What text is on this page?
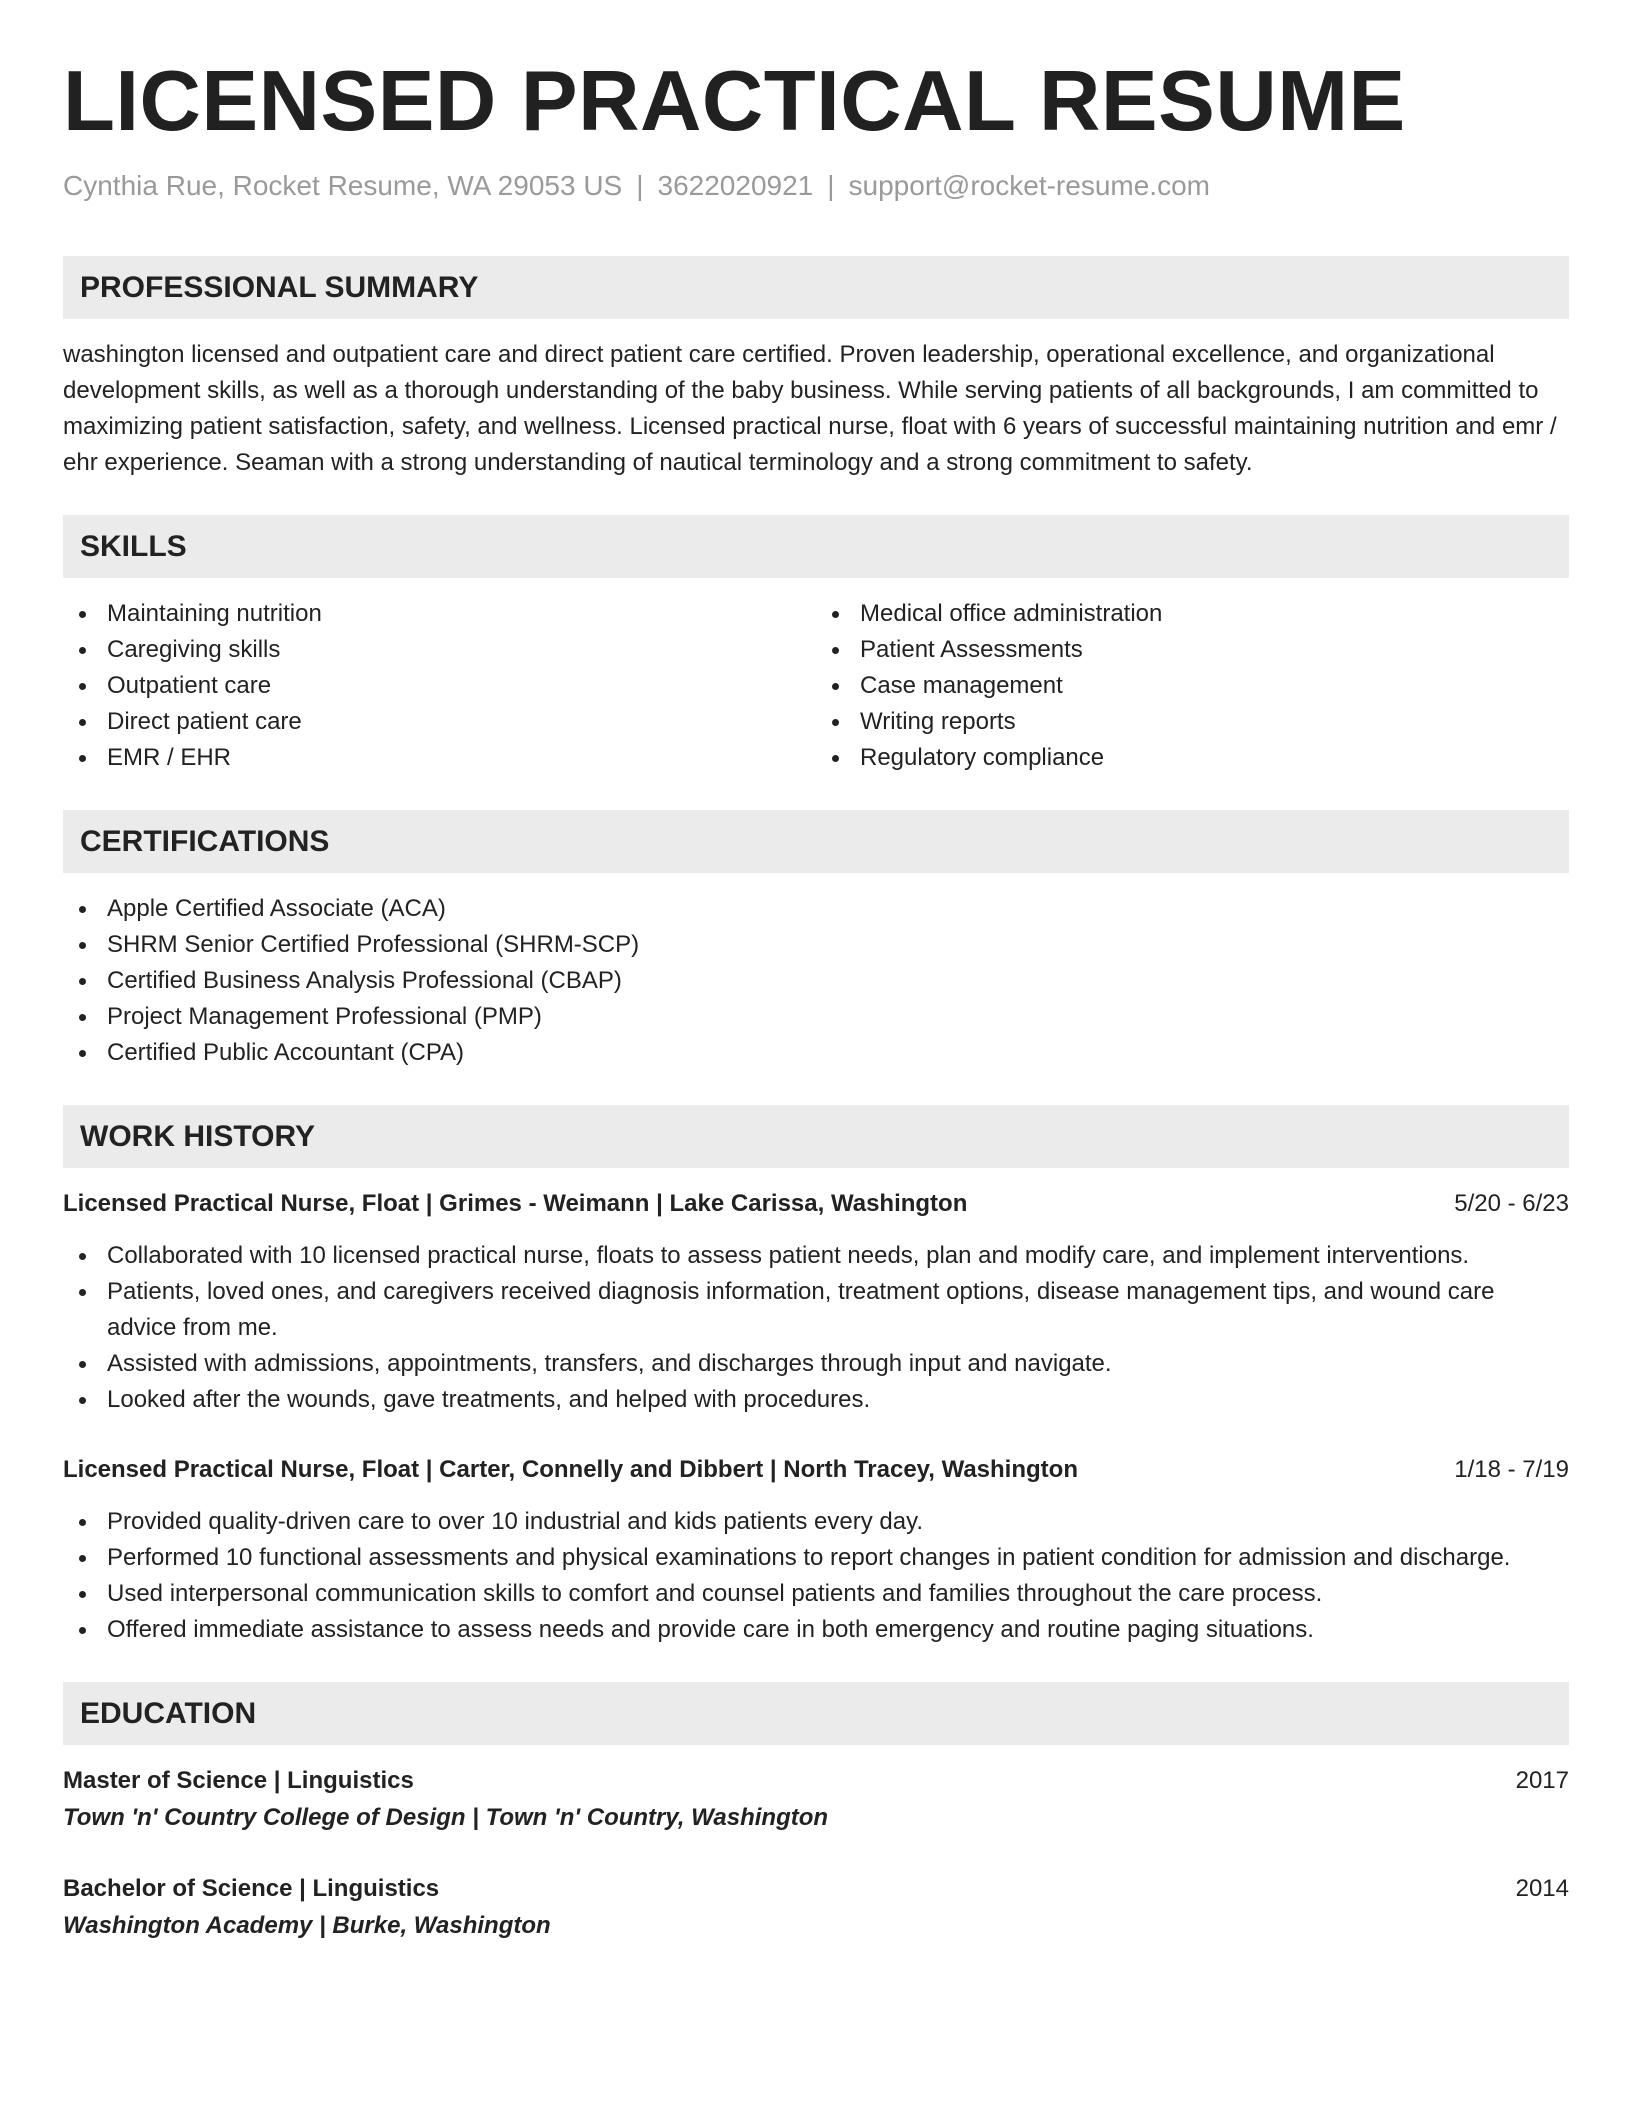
LICENSED PRACTICAL RESUME
Cynthia Rue, Rocket Resume, WA 29053 US | 3622020921 | support@rocket-resume.com
PROFESSIONAL SUMMARY

washington licensed and outpatient care and direct patient care certified. Proven leadership, operational excellence, and organizational development skills, as well as a thorough understanding of the baby business. While serving patients of all backgrounds, I am committed to maximizing patient satisfaction, safety, and wellness. Licensed practical nurse, float with 6 years of successful maintaining nutrition and emr / ehr experience. Seaman with a strong understanding of nautical terminology and a strong commitment to safety.

SKILLS
Maintaining nutrition
Caregiving skills
Outpatient care
Direct patient care
EMR / EHR
Medical office administration
Patient Assessments
Case management
Writing reports
Regulatory compliance
CERTIFICATIONS
Apple Certified Associate (ACA)
SHRM Senior Certified Professional (SHRM-SCP)
Certified Business Analysis Professional (CBAP)
Project Management Professional (PMP)
Certified Public Accountant (CPA)
WORK HISTORY
Licensed Practical Nurse, Float | Grimes - Weimann | Lake Carissa, Washington	5/20 - 6/23
Collaborated with 10 licensed practical nurse, floats to assess patient needs, plan and modify care, and implement interventions.
Patients, loved ones, and caregivers received diagnosis information, treatment options, disease management tips, and wound care advice from me.
Assisted with admissions, appointments, transfers, and discharges through input and navigate.
Looked after the wounds, gave treatments, and helped with procedures.
Licensed Practical Nurse, Float | Carter, Connelly and Dibbert | North Tracey, Washington	1/18 - 7/19
Provided quality-driven care to over 10 industrial and kids patients every day.
Performed 10 functional assessments and physical examinations to report changes in patient condition for admission and discharge.
Used interpersonal communication skills to comfort and counsel patients and families throughout the care process.
Offered immediate assistance to assess needs and provide care in both emergency and routine paging situations.
EDUCATION
Master of Science | Linguistics	2017
Town 'n' Country College of Design | Town 'n' Country, Washington
Bachelor of Science | Linguistics	2014
Washington Academy | Burke, Washington
